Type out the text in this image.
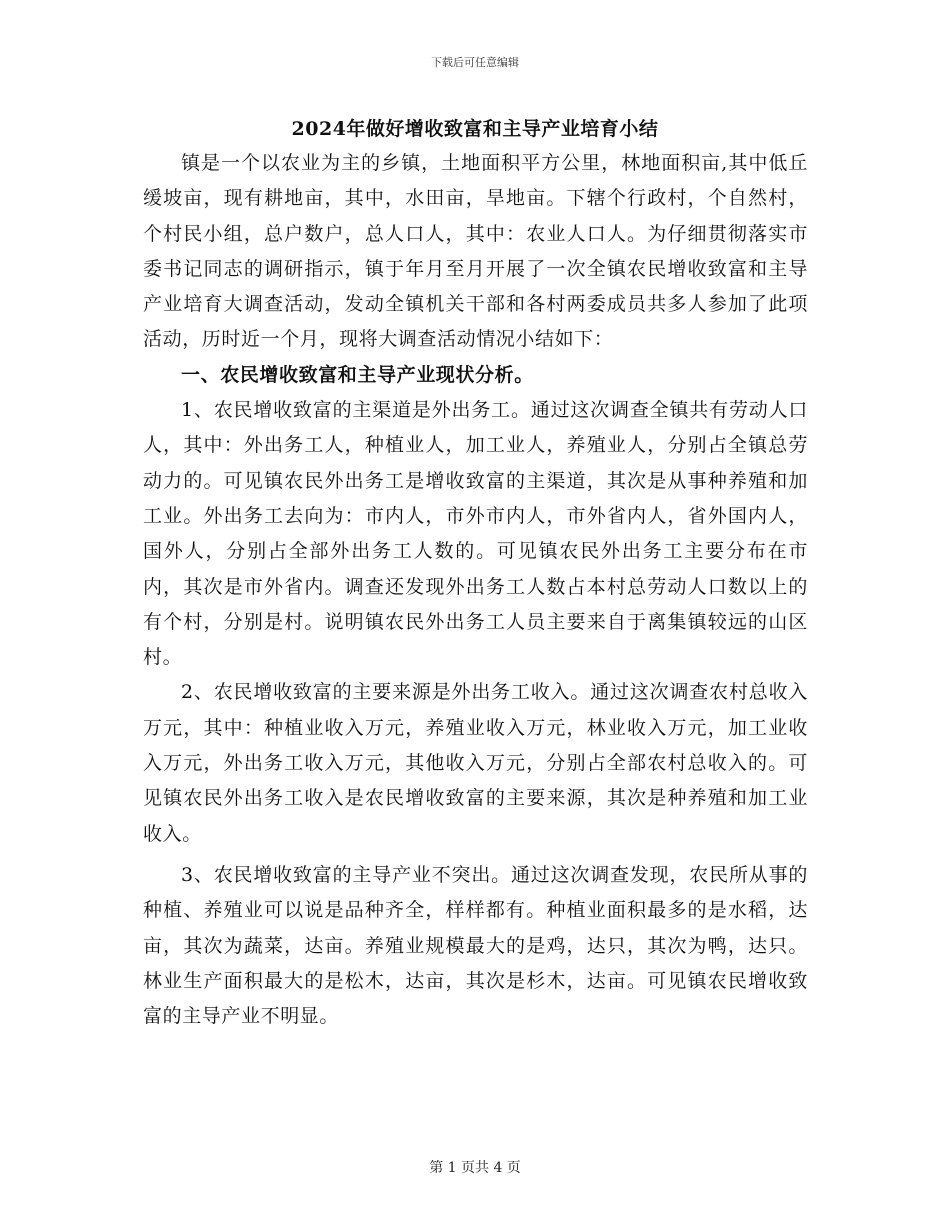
下载后可任意编辑
2024年做好增收致富和主导产业培育小结

镇是一个以农业为主的乡镇，土地面积平方公里，林地面积亩,其中低丘缓坡亩，现有耕地亩，其中，水田亩，旱地亩。下辖个行政村，个自然村，个村民小组，总户数户，总人口人，其中：农业人口人。为仔细贯彻落实市委书记同志的调研指示，镇于年月至月开展了一次全镇农民增收致富和主导产业培育大调查活动，发动全镇机关干部和各村两委成员共多人参加了此项活动，历时近一个月，现将大调查活动情况小结如下：

一、农民增收致富和主导产业现状分析。

1、农民增收致富的主渠道是外出务工。通过这次调查全镇共有劳动人口人，其中：外出务工人，种植业人，加工业人，养殖业人，分别占全镇总劳动力的。可见镇农民外出务工是增收致富的主渠道，其次是从事种养殖和加工业。外出务工去向为：市内人，市外市内人，市外省内人，省外国内人，国外人，分别占全部外出务工人数的。可见镇农民外出务工主要分布在市内，其次是市外省内。调查还发现外出务工人数占本村总劳动人口数以上的有个村，分别是村。说明镇农民外出务工人员主要来自于离集镇较远的山区村。

2、农民增收致富的主要来源是外出务工收入。通过这次调查农村总收入万元，其中：种植业收入万元，养殖业收入万元，林业收入万元，加工业收入万元，外出务工收入万元，其他收入万元，分别占全部农村总收入的。可见镇农民外出务工收入是农民增收致富的主要来源，其次是种养殖和加工业收入。

3、农民增收致富的主导产业不突出。通过这次调查发现，农民所从事的种植、养殖业可以说是品种齐全，样样都有。种植业面积最多的是水稻，达亩，其次为蔬菜，达亩。养殖业规模最大的是鸡，达只，其次为鸭，达只。林业生产面积最大的是松木，达亩，其次是杉木，达亩。可见镇农民增收致富的主导产业不明显。

第 1 页共 4 页
